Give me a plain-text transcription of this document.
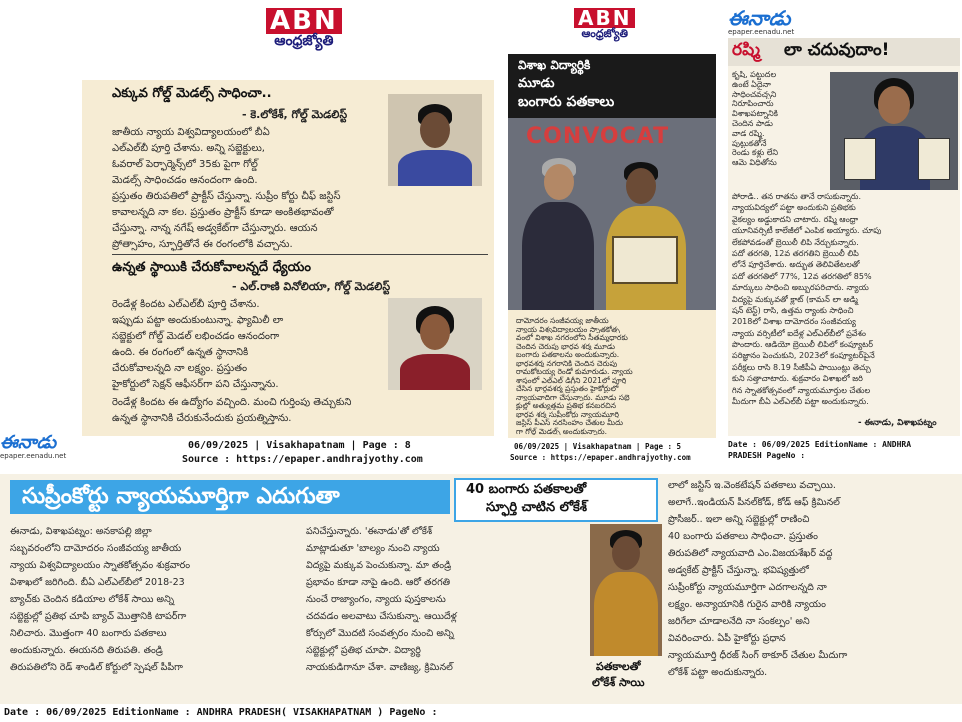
ABN
ఆంధ్రజ్యోతి
ABN
ఆంధ్రజ్యోతి
ఈనాడు
epaper.eenadu.net
ఎక్కువ గోల్డ్ మెడల్స్ సాధించా..
- కె.లోకేశ్, గోల్డ్ మెడలిస్ట్
జాతీయ న్యాయ విశ్వవిద్యాలయంలో బీఏ
ఎల్‌ఎల్‌బీ పూర్తి చేశాను. అన్ని సబ్జెక్టులు,
ఓవరాల్ పెర్ఫార్మెన్స్‌లో 35కు పైగా గోల్డ్
మెడల్స్ సాధించడం ఆనందంగా ఉంది.
ప్రస్తుతం తిరుపతిలో ప్రాక్టీస్ చేస్తున్నా. సుప్రీం కోర్టు చీఫ్ జస్టిస్
కావాలన్నది నా కల. ప్రస్తుతం ప్రాక్టీస్ కూడా అంకితభావంతో
చేస్తున్నా. నాన్న నగేష్ అడ్వకేట్‌గా చేస్తున్నారు. ఆయన
ప్రోత్సాహం, స్ఫూర్తితోనే ఈ రంగంలోకి వచ్చాను.
ఉన్నత స్థాయికి చేరుకోవాలన్నదే ధ్యేయం
- ఎల్.రాణి వినోలియా, గోల్డ్ మెడలిస్ట్
రెండేళ్ల కిందట ఎల్‌ఎల్‌బీ పూర్తి చేశాను.
ఇప్పుడు పట్టా అందుకుంటున్నా. ఫ్యామిలీ లా
సబ్జెక్టులో గోల్డ్ మెడల్ లభించడం ఆనందంగా
ఉంది. ఈ రంగంలో ఉన్నత స్థానానికి
చేరుకోవాలన్నది నా లక్ష్యం. ప్రస్తుతం
హైకోర్టులో సెక్షన్ ఆఫీసర్‌గా పని చేస్తున్నాను.
రెండేళ్ల కిందట ఈ ఉద్యోగం వచ్చింది. మంచి గుర్తింపు తెచ్చుకుని
ఉన్నత స్థానానికి చేరుకునేందుకు ప్రయత్నిస్తాను.
విశాఖ విద్యార్థికి
మూడు
బంగారు పతకాలు
CONVOCAT
దామోదరం సంజీవయ్య జాతీయ
న్యాయ విశ్వవిద్యాలయం స్నాతకోత్స
వంలో విశాఖ నగరంలోని సీతమ్మధారకు
చెందిన చెరుపు భార్గవ శర్మ మూడు
బంగారు పతకాలను అందుకున్నారు.
భార్గవశర్మ నగరానికి చెందిన చెరుపు
రామకోటయ్య రెండో కుమారుడు. న్యాయ
శాస్త్రంలో ఎల్‌ఎల్ డిగ్రీని 2021లో పూర్తి
చేసిన భార్గవశర్మ ప్రస్తుతం హైకోర్టులో
న్యాయవాదిగా చేస్తున్నారు. మూడు సబ్జె
క్టుల్లో అత్యుత్తమ ప్రతిభ కనబరచిన
భార్గవ శర్మ సుప్రీంకోర్టు న్యాయమూర్తి
జస్టిస్ పీఎస్ నరసింహం చేతుల మీదు
గా గోల్డ్ మెడల్స్ అందుకున్నారు.
రష్మి లా చదువుదాం!
కృషి, పట్టుదల
ఉంటే ఏదైనా
సాధించవచ్చని
నిరూపించారు
విశాఖపట్నానికి
చెందిన పాడు
వాడ రష్మి.
పుట్టుకతోనే
రెండు కళ్లు లేని
ఆమె విధితోను
పోరాడి.. తన రాతను తానే రాసుకున్నారు.
న్యాయవిద్యలో పట్టా అందుకుని ప్రతిభకు
వైకల్యం అడ్డుకాదని చాటారు. రష్మి ఆంధ్రా
యూనివర్సిటీ కాలేజీలో ఎంపిక అయ్యారు. చూపు
లేకపోవడంతో బ్రెయిలీ లిపి నేర్చుకున్నారు.
పదో తరగతి, 12వ తరగతిని బ్రెయిలీ లిపి
లోనే పూర్తిచేశారు. అద్భుత తెలివితేటలతో
పదో తరగతిలో 77%, 12వ తరగతిలో 85%
మార్కులు సాధించి అబ్బురపరిచారు. న్యాయ
విద్యపై మక్కువతో క్లాట్ (కామన్ లా అడ్మి
షన్ టెస్ట్) రాసి, ఉత్తమ ర్యాంకు సాధించి
2018లో విశాఖ దామోదరం సంజీవయ్య
న్యాయ వర్సిటీలో ఐదేళ్ల ఎల్‌ఎల్‌బీలో ప్రవేశం
పొందారు. ఆడియో బ్రెయిలీ లిపిలో కంప్యూటర్
పరిజ్ఞానం పెంచుకుని, 2023లో కంప్యూటర్‌పైనే
పరీక్షలు రాసి 8.19 సీజీపీఏ పాయింట్లు తెచ్చు
కుని సత్తాచాటారు. శుక్రవారం విశాఖలో జరి
గిన స్నాతకోత్సవంలో న్యాయమూర్తుల చేతుల
మీదుగా బీఏ ఎల్‌ఎల్‌బీ పట్టా అందుకున్నారు.
- ఈనాడు, విశాఖపట్నం
ఈనాడు
epaper.eenadu.net
06/09/2025 | Visakhapatnam | Page : 8
Source : https://epaper.andhrajyothy.com
06/09/2025 | Visakhapatnam | Page : 5
Source : https://epaper.andhrajyothy.com
Date : 06/09/2025 EditionName : ANDHRA
PRADESH PageNo :
సుప్రీంకోర్టు న్యాయమూర్తిగా ఎదుగుతా	40 బంగారు పతకాలతో
స్ఫూర్తి చాటిన లోకేశ్
ఈనాడు, విశాఖపట్నం: అనకాపల్లి జిల్లా
సబ్బవరంలోని దామోదరం సంజీవయ్య జాతీయ
న్యాయ విశ్వవిద్యాలయం స్నాతకోత్సవం శుక్రవారం
విశాఖలో జరిగింది. బీఏ ఎల్‌ఎల్‌బీలో 2018-23
బ్యాచ్‌కు చెందిన కడియాల లోకేశ్ సాయి అన్ని
సబ్జెక్టుల్లో ప్రతిభ చూపి బ్యాచ్ మొత్తానికి టాపర్‌గా
నిలిచారు. మొత్తంగా 40 బంగారు పతకాలు
అందుకున్నారు. ఈయనది తిరుపతి. తండ్రి
తిరుపతిలోని రెడ్ శాండిల్ కోర్టులో స్పెషల్ పీపీగా
పనిచేస్తున్నారు. 'ఈనాడు'తో లోకేశ్
మాట్లాడుతూ 'బాల్యం నుంచి న్యాయ
విద్యపై మక్కువ పెంచుకున్నా. మా తండ్రి
ప్రభావం కూడా నాపై ఉంది. ఆరో తరగతి
నుంచే రాజ్యాంగం, న్యాయ పుస్తకాలను
చదవడం అలవాటు చేసుకున్నా. ఆయిదేళ్ల
కోర్సులో మొదటి సంవత్సరం నుంచి అన్ని
సబ్జెక్టుల్లో ప్రతిభ చూపా. విద్యార్థి
నాయకుడిగానూ చేశా. వాణిజ్య, క్రిమినల్	పతకాలతో
లోకేశ్ సాయి
లాలో జస్టిస్ ఇ.వెంకటేషన్ పతకాలు వచ్చాయి.
అలాగే..ఇండియన్ పీనల్‌కోడ్, కోడ్ ఆఫ్ క్రిమినల్
ప్రొసీజర్.. ఇలా అన్ని సబ్జెక్టుల్లో రాణించి
40 బంగారు పతకాలు సాధించా. ప్రస్తుతం
తిరుపతిలో న్యాయవాది ఎం.విజయశేఖర్ వద్ద
అడ్వకేట్ ప్రాక్టీస్ చేస్తున్నా. భవిష్యత్తులో
సుప్రీంకోర్టు న్యాయమూర్తిగా ఎదగాలన్నది నా
లక్ష్యం. అన్యాయానికి గురైన వారికి న్యాయం
జరిగేలా చూడాలనేది నా సంకల్పం' అని
వివరించారు. ఏపీ హైకోర్టు ప్రధాన
న్యాయమూర్తి ధీరజ్ సింగ్ ఠాకూర్ చేతుల మీదుగా
లోకేశ్ పట్టా అందుకున్నారు.
Date : 06/09/2025 EditionName : ANDHRA PRADESH( VISAKHAPATNAM ) PageNo :
